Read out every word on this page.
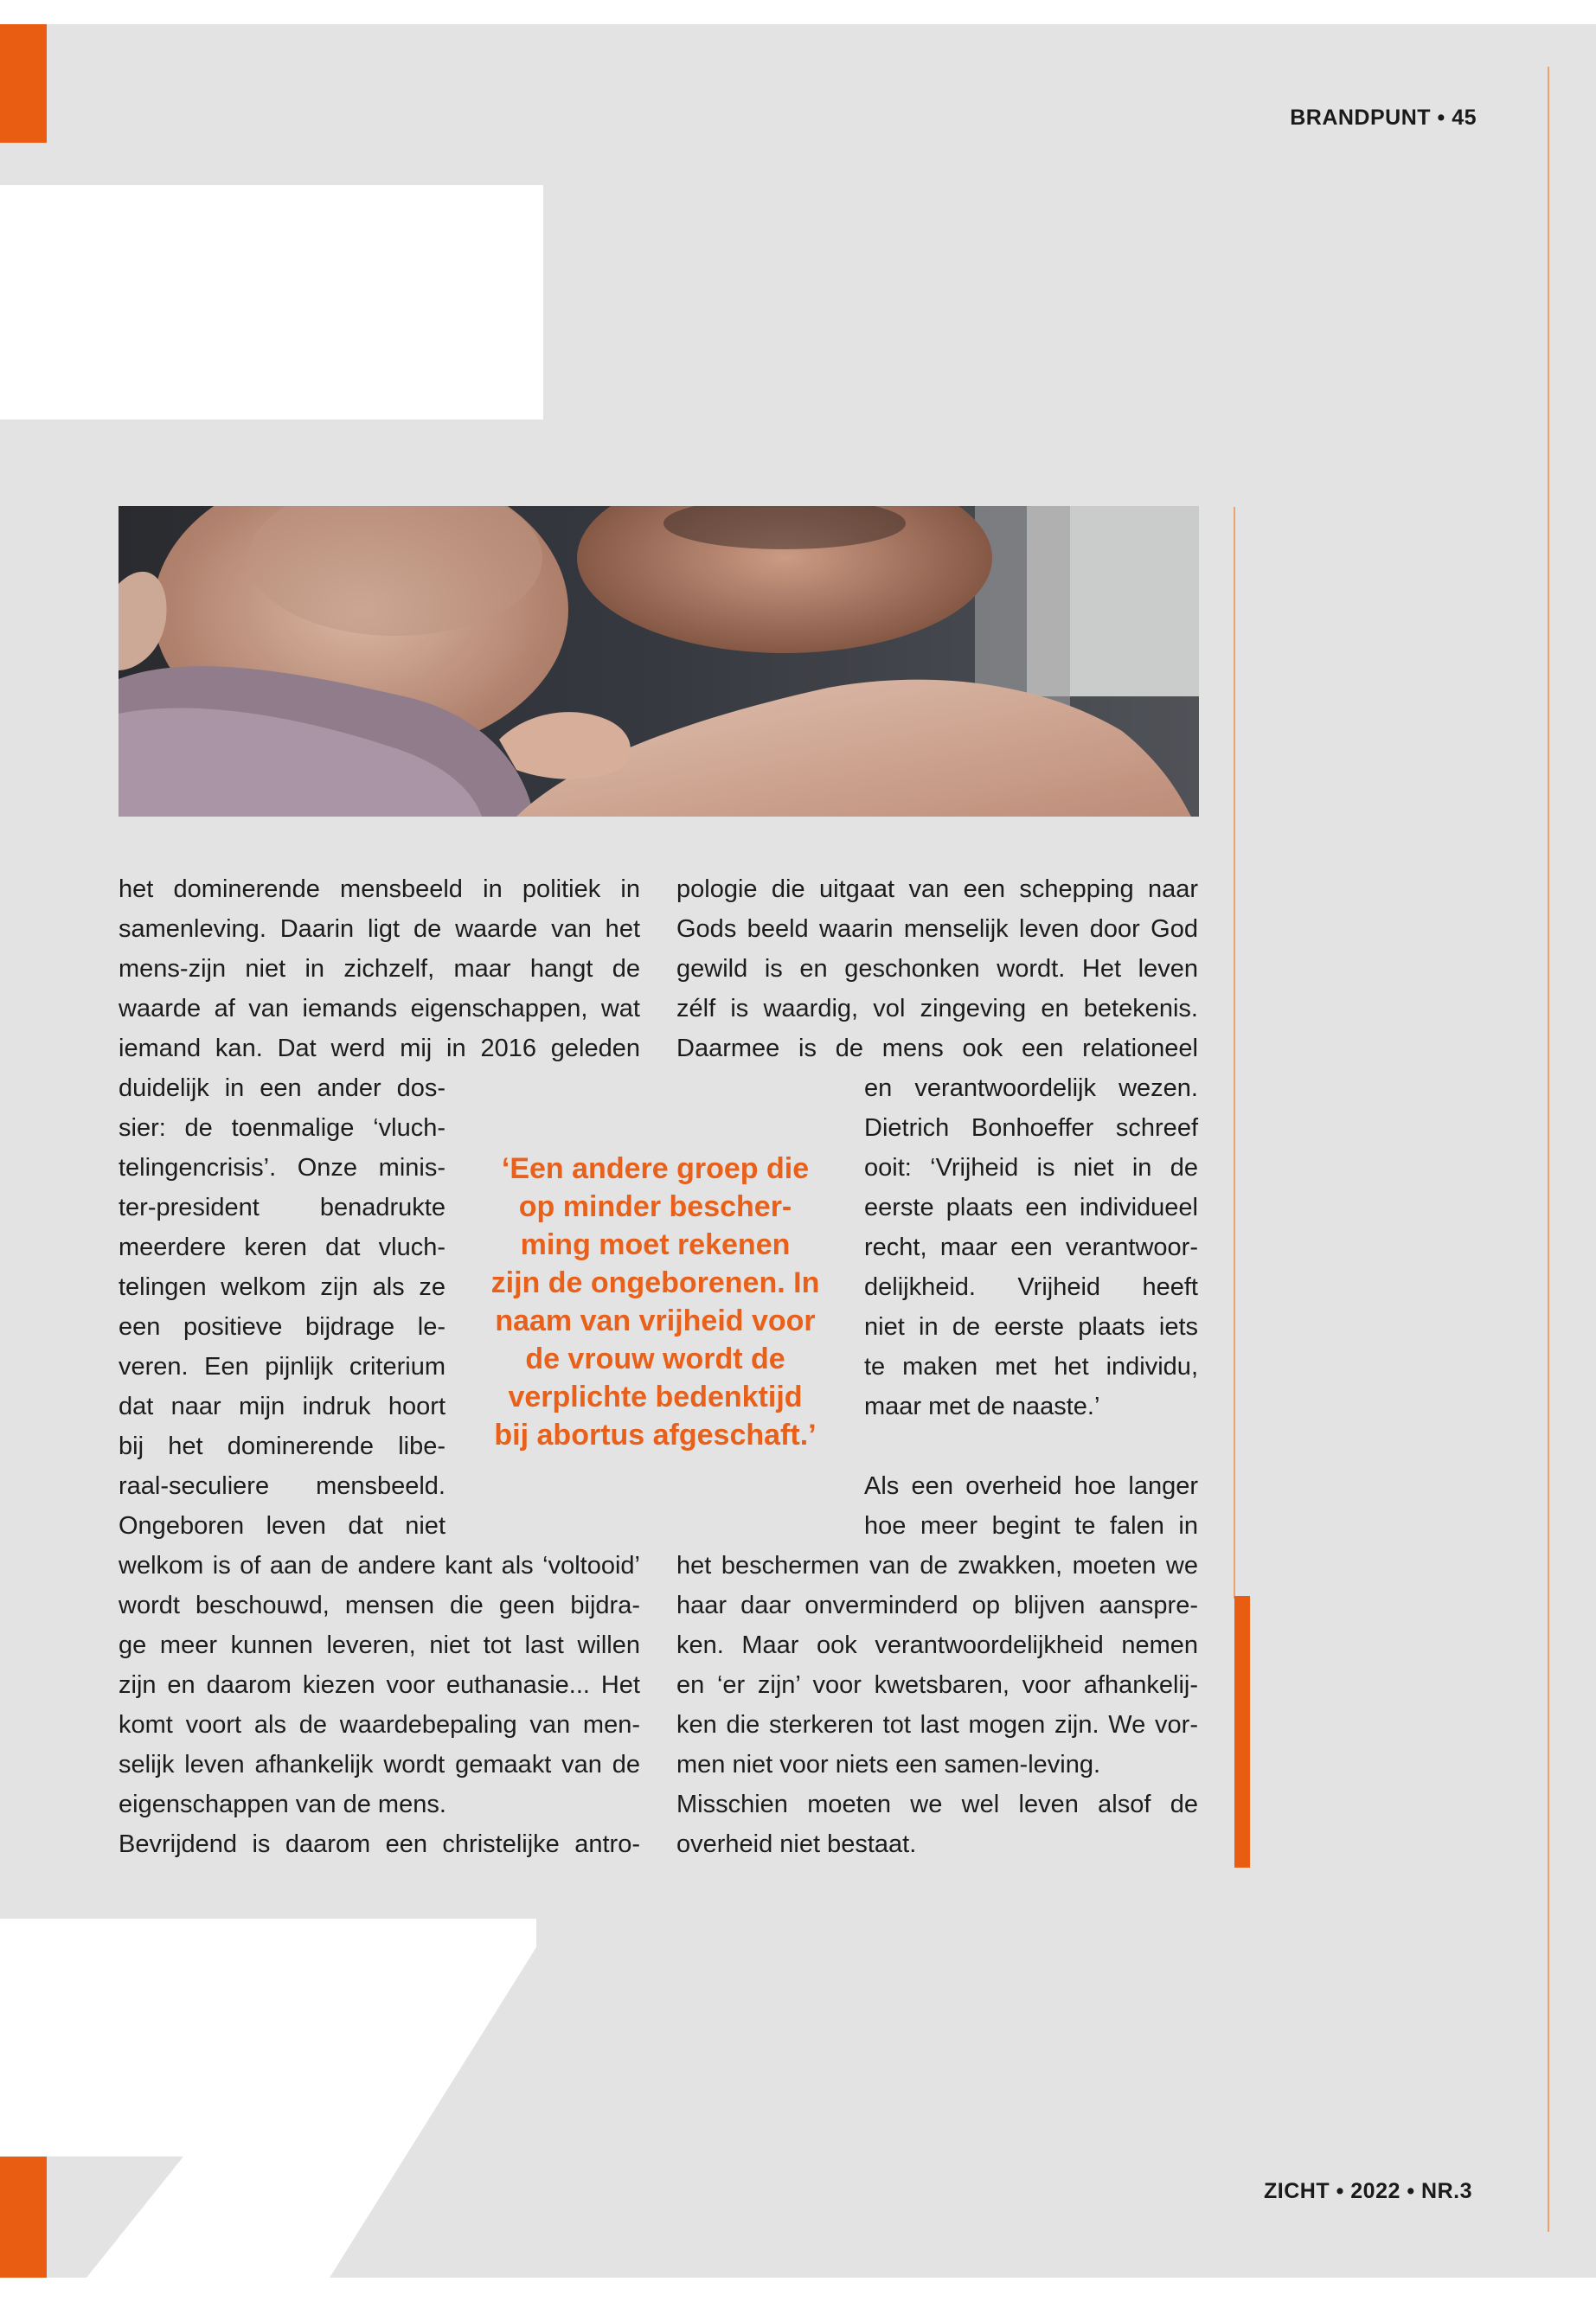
BRANDPUNT • 45
ZICHT • 2022 • NR.3
het dominerende mensbeeld in politiek in
samenleving. Daarin ligt de waarde van het
mens-zijn niet in zichzelf, maar hangt de
waarde af van iemands eigenschappen, wat
iemand kan. Dat werd mij in 2016 geleden
duidelijk in een ander dos-
sier: de toenmalige ‘vluch-
telingencrisis’. Onze minis-
ter-president benadrukte
meerdere keren dat vluch-
telingen welkom zijn als ze
een positieve bijdrage le-
veren. Een pijnlijk criterium
dat naar mijn indruk hoort
bij het dominerende libe-
raal-seculiere mensbeeld.
Ongeboren leven dat niet
welkom is of aan de andere kant als ‘voltooid’
wordt beschouwd, mensen die geen bijdra-
ge meer kunnen leveren, niet tot last willen
zijn en daarom kiezen voor euthanasie... Het
komt voort als de waardebepaling van men-
selijk leven afhankelijk wordt gemaakt van de
eigenschappen van de mens.
Bevrijdend is daarom een christelijke antro-
‘Een andere groep die
op minder bescher-
ming moet rekenen
zijn de ongeborenen. In
naam van vrijheid voor
de vrouw wordt de
verplichte bedenktijd
bij abortus afgeschaft.’
pologie die uitgaat van een schepping naar
Gods beeld waarin menselijk leven door God
gewild is en geschonken wordt. Het leven
zélf is waardig, vol zingeving en betekenis.
Daarmee is de mens ook een relationeel
en verantwoordelijk wezen.
Dietrich Bonhoeffer schreef
ooit: ‘Vrijheid is niet in de
eerste plaats een individueel
recht, maar een verantwoor-
delijkheid. Vrijheid heeft
niet in de eerste plaats iets
te maken met het individu,
maar met de naaste.’
Als een overheid hoe langer
hoe meer begint te falen in
het beschermen van de zwakken, moeten we
haar daar onverminderd op blijven aanspre-
ken. Maar ook verantwoordelijkheid nemen
en ‘er zijn’ voor kwetsbaren, voor afhankelij-
ken die sterkeren tot last mogen zijn. We vor-
men niet voor niets een samen-leving.
Misschien moeten we wel leven alsof de
overheid niet bestaat.
